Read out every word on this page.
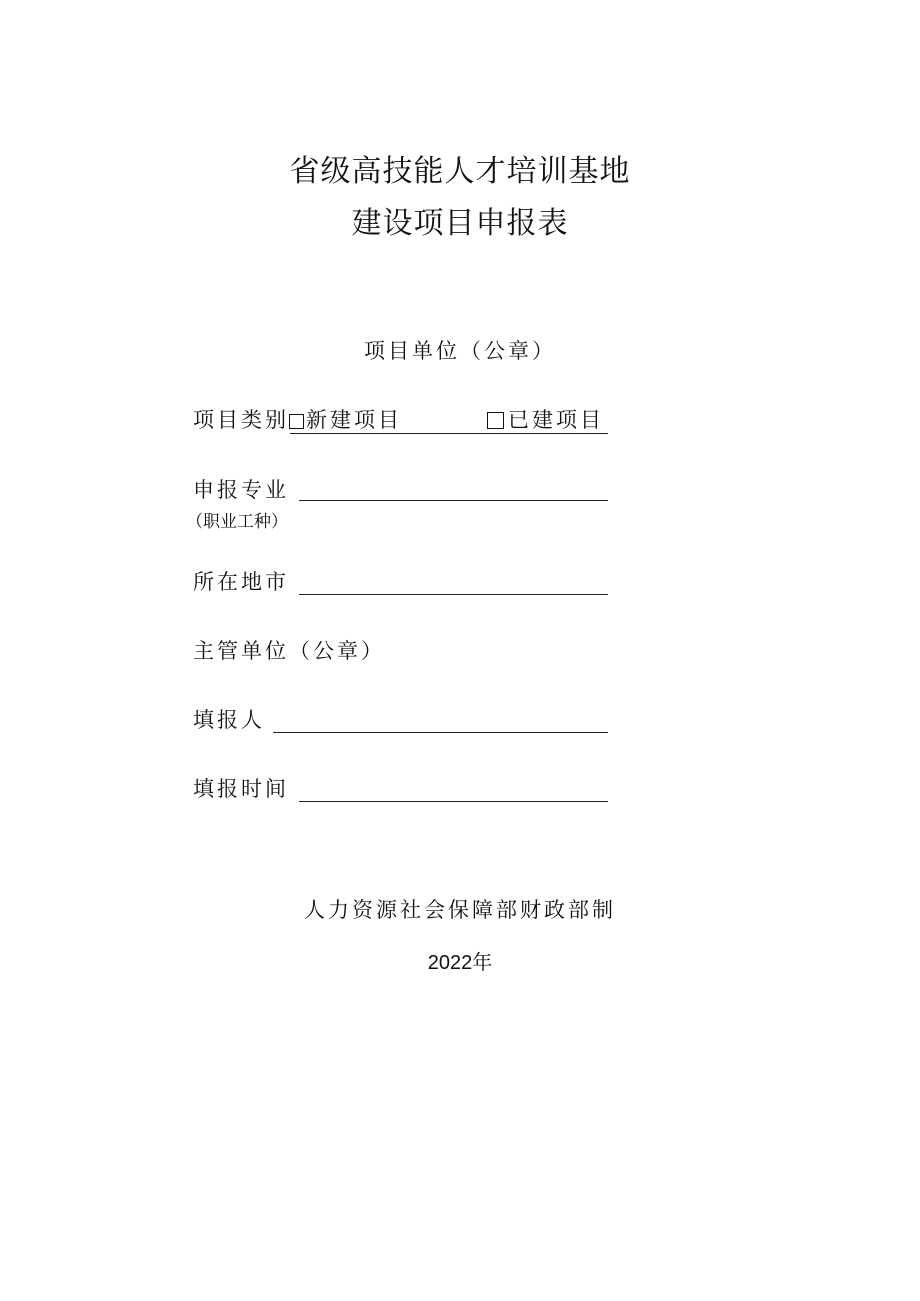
省级高技能人才培训基地
建设项目申报表
项目单位（公章）
项目类别 新建项目	已建项目
申报专业
（职业工种）
所在地市
主管单位（公章）
填报人
填报时间
人力资源社会保障部财政部制
2022年
